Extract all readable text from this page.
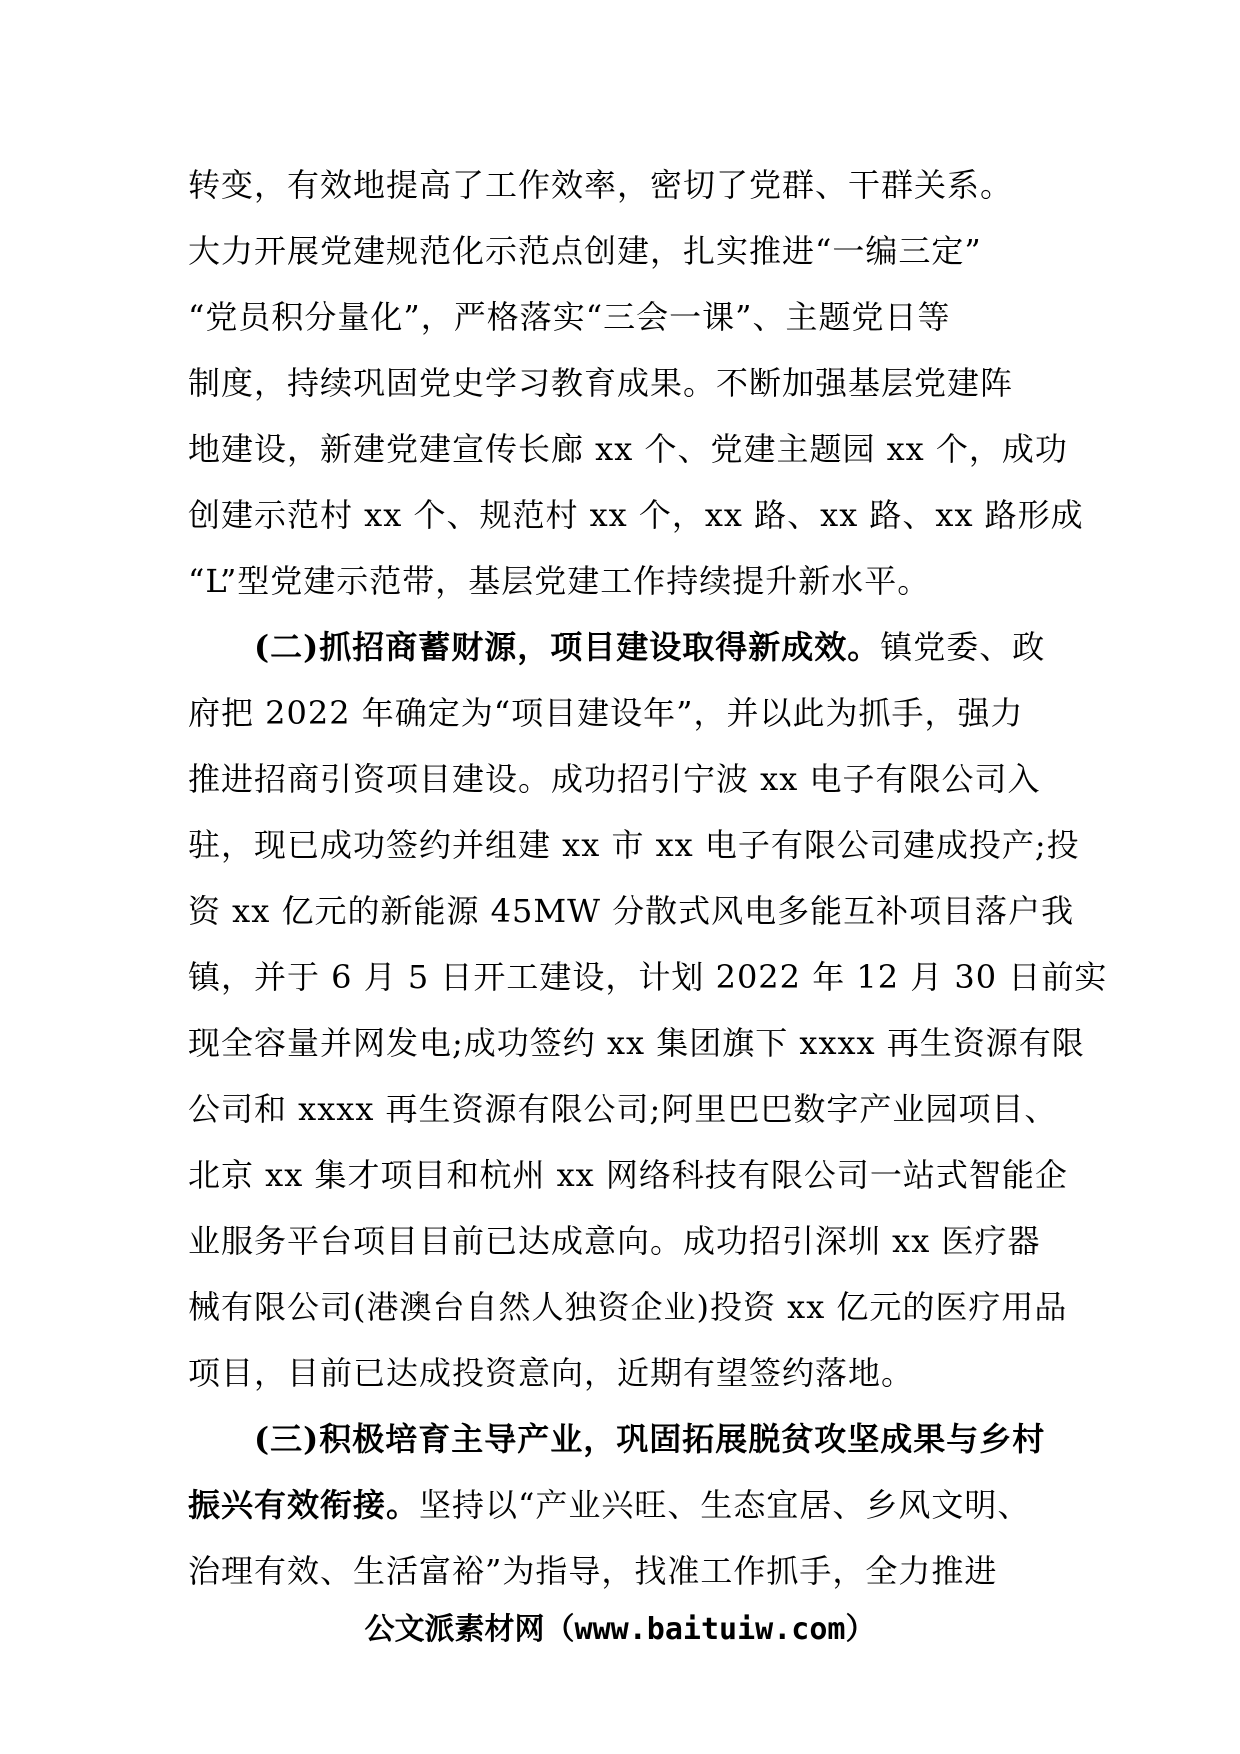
转变，有效地提高了工作效率，密切了党群、干群关系。
大力开展党建规范化示范点创建，扎实推进“一编三定”
“党员积分量化”，严格落实“三会一课”、主题党日等
制度，持续巩固党史学习教育成果。不断加强基层党建阵
地建设，新建党建宣传长廊 xx 个、党建主题园 xx 个，成功
创建示范村 xx 个、规范村 xx 个，xx 路、xx 路、xx 路形成
“L”型党建示范带，基层党建工作持续提升新水平。
(二)抓招商蓄财源，项目建设取得新成效。镇党委、政
府把 2022 年确定为“项目建设年”，并以此为抓手，强力
推进招商引资项目建设。成功招引宁波 xx 电子有限公司入
驻，现已成功签约并组建 xx 市 xx 电子有限公司建成投产;投
资 xx 亿元的新能源 45MW 分散式风电多能互补项目落户我
镇，并于 6 月 5 日开工建设，计划 2022 年 12 月 30 日前实
现全容量并网发电;成功签约 xx 集团旗下 xxxx 再生资源有限
公司和 xxxx 再生资源有限公司;阿里巴巴数字产业园项目、
北京 xx 集才项目和杭州 xx 网络科技有限公司一站式智能企
业服务平台项目目前已达成意向。成功招引深圳 xx 医疗器
械有限公司(港澳台自然人独资企业)投资 xx 亿元的医疗用品
项目，目前已达成投资意向，近期有望签约落地。
(三)积极培育主导产业，巩固拓展脱贫攻坚成果与乡村
振兴有效衔接。坚持以“产业兴旺、生态宜居、乡风文明、
治理有效、生活富裕”为指导，找准工作抓手，全力推进
公文派素材网（www.baituiw.com）
